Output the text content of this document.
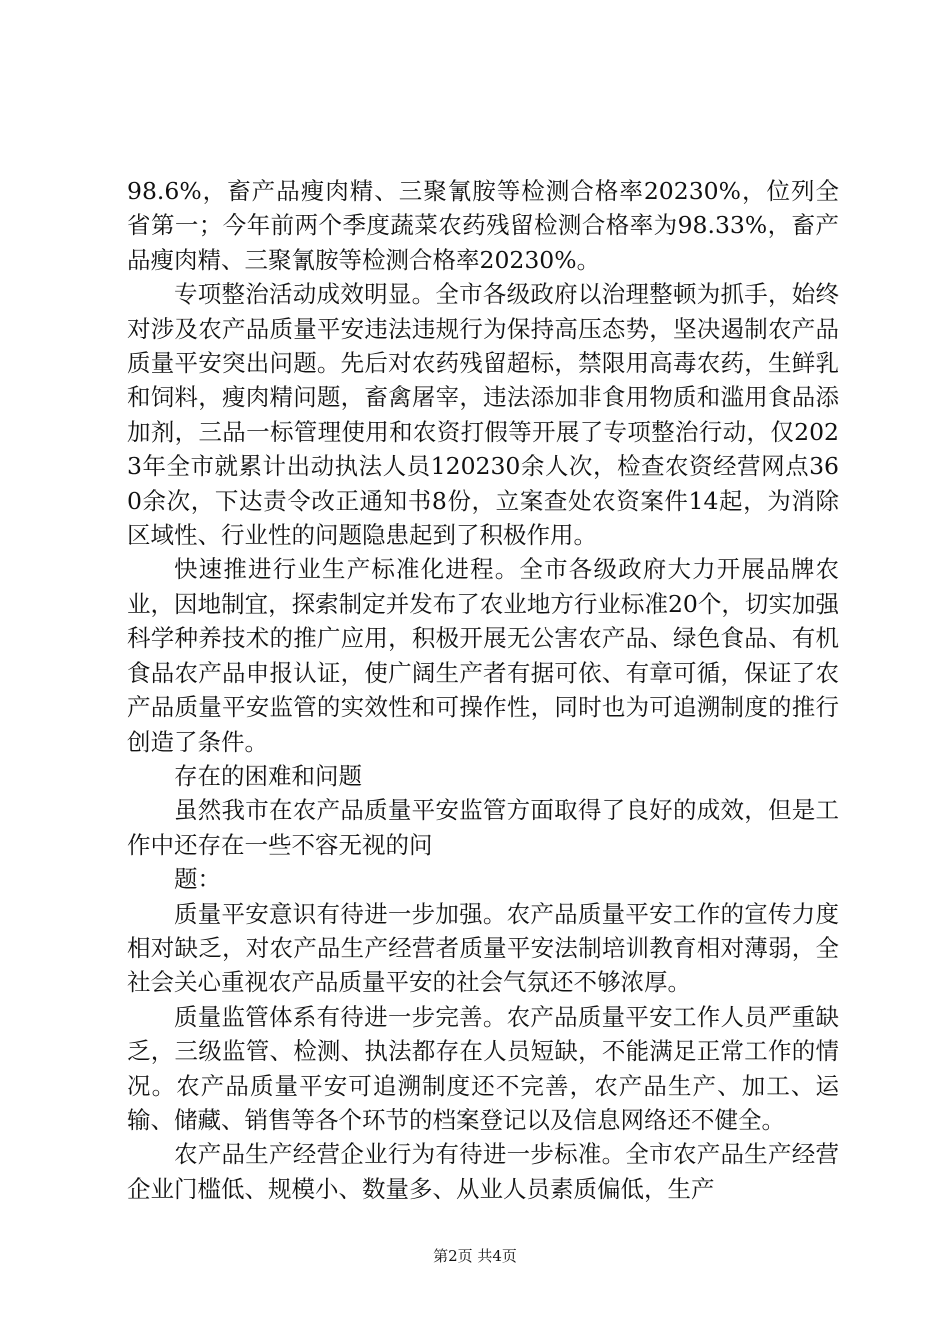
98.6%，畜产品瘦肉精、三聚氰胺等检测合格率20230%，位列全省第一；今年前两个季度蔬菜农药残留检测合格率为98.33%，畜产品瘦肉精、三聚氰胺等检测合格率20230%。

专项整治活动成效明显。全市各级政府以治理整顿为抓手，始终对涉及农产品质量平安违法违规行为保持高压态势，坚决遏制农产品质量平安突出问题。先后对农药残留超标，禁限用高毒农药，生鲜乳和饲料，瘦肉精问题，畜禽屠宰，违法添加非食用物质和滥用食品添加剂，三品一标管理使用和农资打假等开展了专项整治行动，仅2023年全市就累计出动执法人员120230余人次，检查农资经营网点360余次，下达责令改正通知书8份，立案查处农资案件14起，为消除区域性、行业性的问题隐患起到了积极作用。

快速推进行业生产标准化进程。全市各级政府大力开展品牌农业，因地制宜，探索制定并发布了农业地方行业标准20个，切实加强科学种养技术的推广应用，积极开展无公害农产品、绿色食品、有机食品农产品申报认证，使广阔生产者有据可依、有章可循，保证了农产品质量平安监管的实效性和可操作性，同时也为可追溯制度的推行创造了条件。

存在的困难和问题

虽然我市在农产品质量平安监管方面取得了良好的成效，但是工作中还存在一些不容无视的问

题：

质量平安意识有待进一步加强。农产品质量平安工作的宣传力度相对缺乏，对农产品生产经营者质量平安法制培训教育相对薄弱，全社会关心重视农产品质量平安的社会气氛还不够浓厚。

质量监管体系有待进一步完善。农产品质量平安工作人员严重缺乏，三级监管、检测、执法都存在人员短缺，不能满足正常工作的情况。农产品质量平安可追溯制度还不完善，农产品生产、加工、运输、储藏、销售等各个环节的档案登记以及信息网络还不健全。

农产品生产经营企业行为有待进一步标准。全市农产品生产经营企业门槛低、规模小、数量多、从业人员素质偏低，生产

第2页 共4页
